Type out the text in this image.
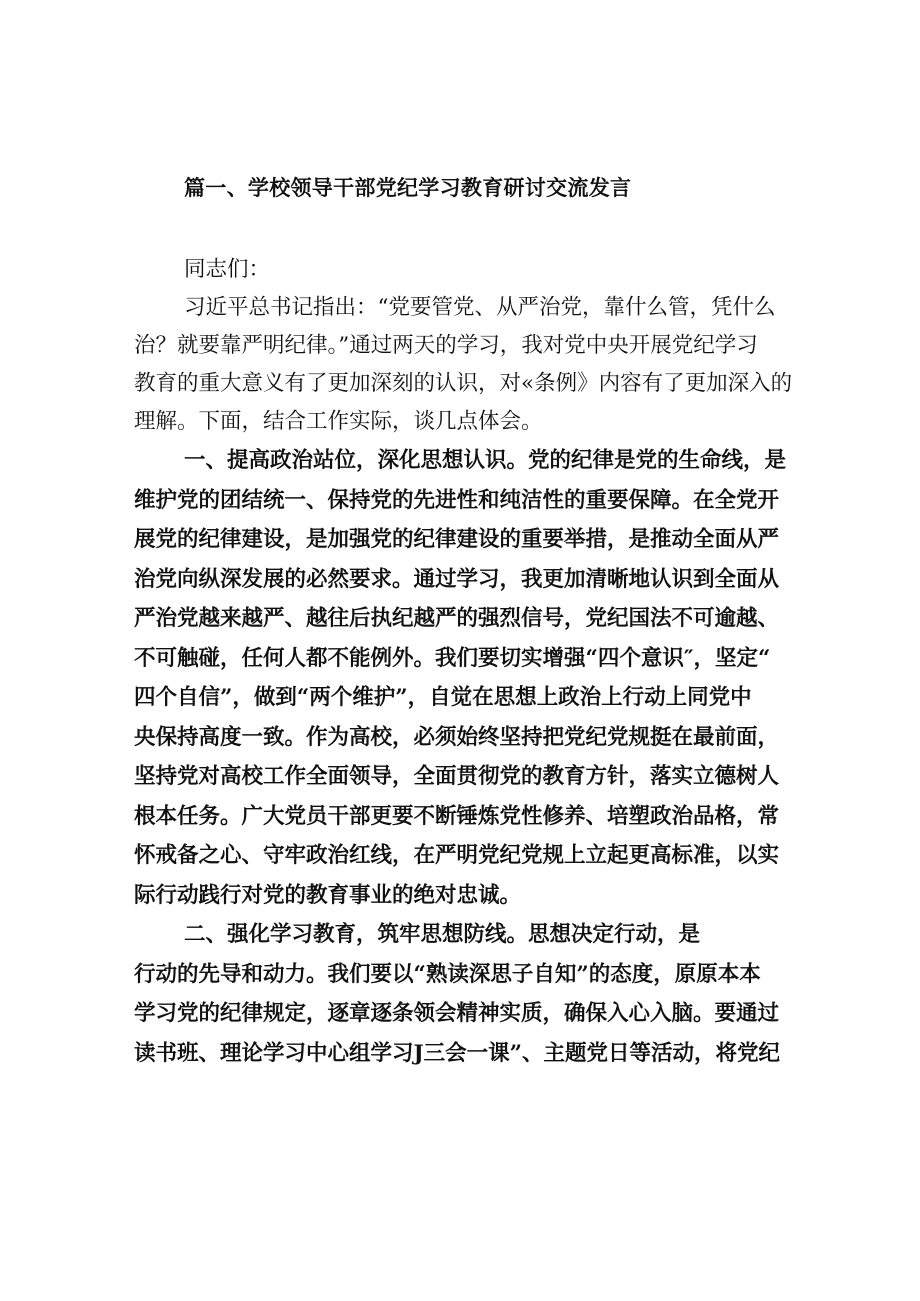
篇一、学校领导干部党纪学习教育研讨交流发言
同志们：
习近平总书记指出：“党要管党、从严治党，靠什么管，凭什么
治？就要靠严明纪律。”通过两天的学习，我对党中央开展党纪学习
教育的重大意义有了更加深刻的认识，对«条例》内容有了更加深入的
理解。下面，结合工作实际，谈几点体会。
一、提高政治站位，深化思想认识。党的纪律是党的生命线，是
维护党的团结统一、保持党的先进性和纯洁性的重要保障。在全党开
展党的纪律建设，是加强党的纪律建设的重要举措，是推动全面从严
治党向纵深发展的必然要求。通过学习，我更加清晰地认识到全面从
严治党越来越严、越往后执纪越严的强烈信号，党纪国法不可逾越、
不可触碰，任何人都不能例外。我们要切实增强“四个意识″，坚定“
四个自信”，做到“两个维护”，自觉在思想上政治上行动上同党中
央保持高度一致。作为高校，必须始终坚持把党纪党规挺在最前面，
坚持党对高校工作全面领导，全面贯彻党的教育方针，落实立德树人
根本任务。广大党员干部更要不断锤炼党性修养、培塑政治品格，常
怀戒备之心、守牢政治红线，在严明党纪党规上立起更高标准，以实
际行动践行对党的教育事业的绝对忠诚。
二、强化学习教育，筑牢思想防线。思想决定行动，是
行动的先导和动力。我们要以“熟读深思子自知”的态度，原原本本
学习党的纪律规定，逐章逐条领会精神实质，确保入心入脑。要通过
读书班、理论学习中心组学习J三会一课”、主题党日等活动，将党纪
